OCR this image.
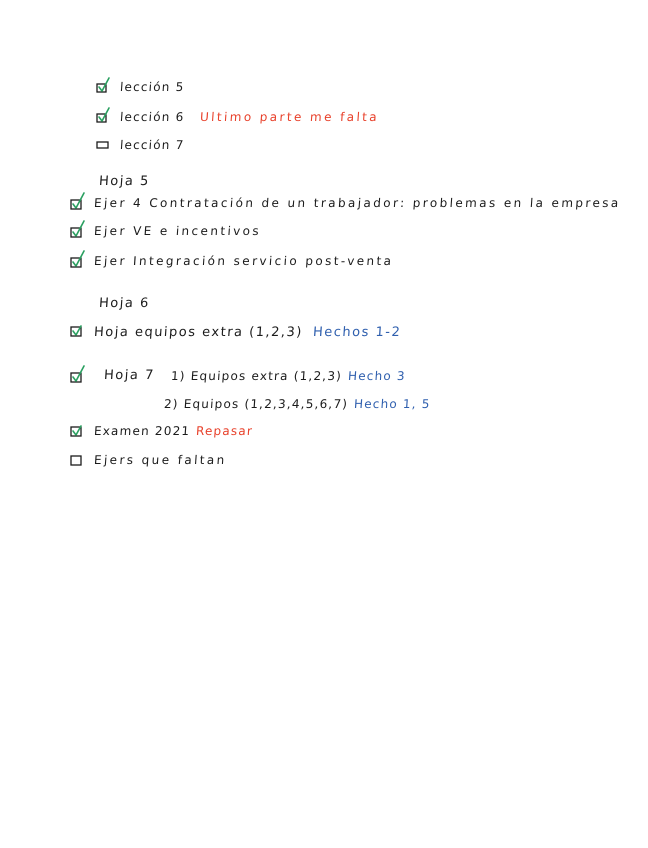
lección 5
lección 6 Ultimo parte me falta
lección 7
Hoja 5
Ejer 4 Contratación de un trabajador: problemas en la empresa
Ejer VE e incentivos
Ejer Integración servicio post-venta
Hoja 6
Hoja equipos extra (1,2,3) Hechos 1-2
Hoja 7 1) Equipos extra (1,2,3) Hecho 3
2) Equipos (1,2,3,4,5,6,7) Hecho 1, 5
Examen 2021 Repasar
Ejers que faltan
